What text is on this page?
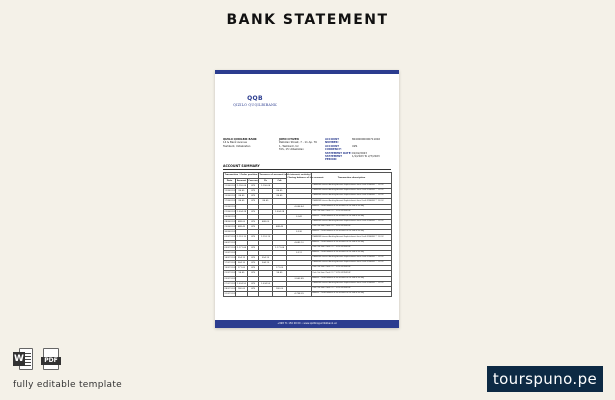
BANK STATEMENT
QQB
QIZILO QUQILBIBANK
QIZILO QURILBIK BANK
14 & Bank Avenue
Tashkent, Uzbekistan
JOHN CITIZEN
Pakistan Street, 7 - 11 Ap. 76
1, Tashkent, Uz
TAS, 15 Uzbekistan
ACCOUNT NUMBER:
80400000000711002
ACCOUNT CURRENCY:
UZS
STATEMENT DATE: 01/02/2023
STATEMENT PERIOD:
1/1/2023 To 2/7/2023
ACCOUNT SUMMARY
Transaction / Order position			Turnover of account (with interest, activity)		Closing balance of the account	Transaction description
Date	Amount	Currency	Dr	Cdt		
11/06/2022	1,156.04	UZS	1,156.04			TRANSFER Internet Banking Account Replenishment from Credit (DS4098) ** 13 012
12/06/2022	84.45	UZS		84.45		TRANSFER Internet Banking Account Replenishment from Credit (DS4098) ** 13 012
13/06/2022	84.45	UZS		84.45		TRANSFER Internet Banking Account Replenishment from Credit (DS4098) ** 13 012
17/06/2022	84.45	UZS	84.45			TRANSFER Internet Banking Account Replenishment from Credit (DS4098) ** 13 012
20/06/2022					4,046.44	Balance - Credit balance of the account at the end of the day
21/06/2022	1,004.28	UZS		1,004.28		Cash Out from (Card) (1) ** 0790 UZUNKOUK
26/06/2022					3,042	Balance - Credit balance of the account at the end of the day
28/06/2022	488.00	UZS	488.00			TRANSFER Internet Banking Account Replenishment from Credit (DS4098) ** 13 012
29/06/2022	488.45	UZS		488.45		Cash Out from (Card) (1) ** 0790 UZUNKOUK
30/06/2022					3,530	Balance - Credit balance of the account at the end of the day
03/07/2022	1,153.10	UZS	1,153.10			TRANSFER Internet Banking Account Replenishment from Credit (DS4098) ** 13 012
06/07/2022					4,683.10	Balance - Credit balance of the account at the end of the day
09/07/2022	1,171.66	UZS		1,171.66		Cash Out from (Card) (1) ** 0790 UZUNKOUK
12/07/2022					3,511	Balance - Credit balance of the account at the end of the day
14/07/2022	354.15	UZS	354.15			TRANSFER Internet Banking Account Replenishment from Credit (DS4098) ** 13 012
17/07/2022	344.10	UZS	344.10			TRANSFER Internet Banking Account Replenishment from Credit (DS4098) ** 13 012
19/07/2022	171.00	UZS		171.00		Cash Out from (Card) (1) ** 0790 UZUNKOUK
22/07/2022	94.45	UZS		94.45		Cash Out from (Card) (1) ** 0790 UZUNKOUK
25/07/2022					3,943.89	Balance - Credit balance of the account at the end of the day
27/07/2022	1,034.50	UZS	1,034.50			TRANSFER Internet Banking Account Replenishment from Credit (DS4098) ** 13 012
28/07/2022	180.00	UZS		180.00		Cash Out from (Card) (1) ** 0790 UZUNKOUK
31/07/2022					4,798.39	Balance - Credit balance of the account at the end of the day
+998 71 150 00 00 • www.qizilbiqqurilbikbank.uz
W	PDF
fully editable template	tourspuno.pe
